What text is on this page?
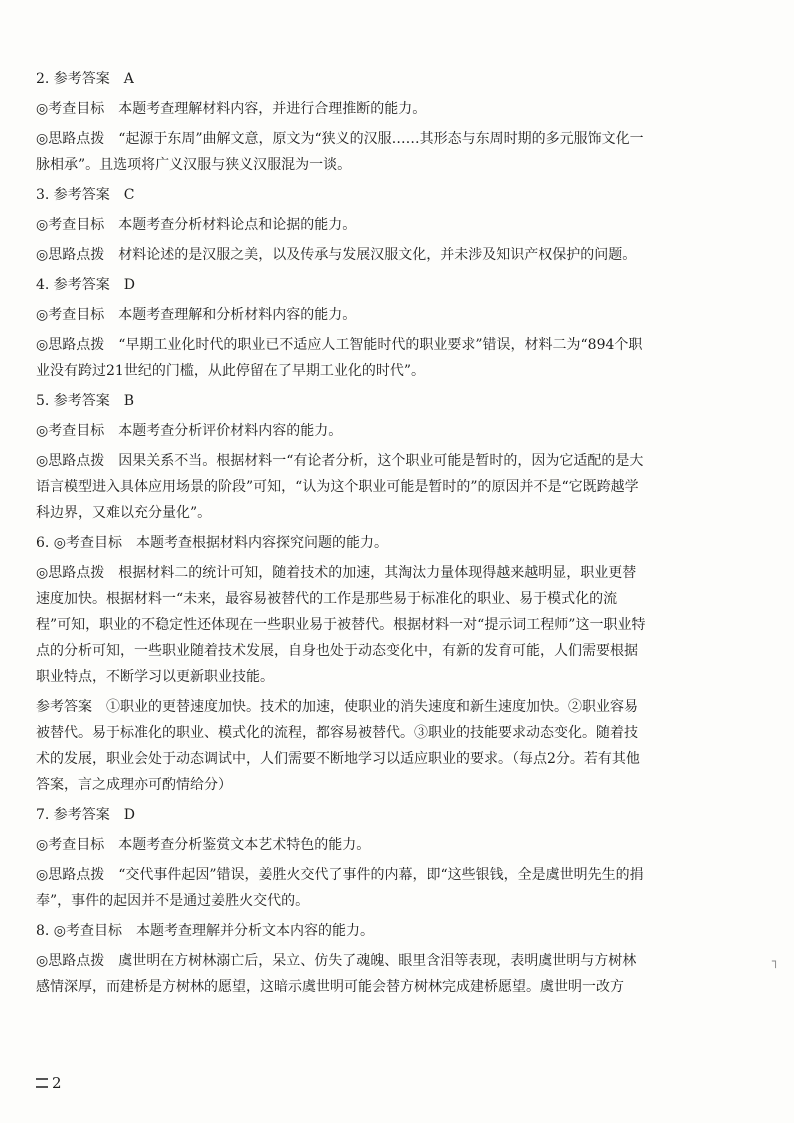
2. 参考答案　A

◎考查目标　本题考查理解材料内容，并进行合理推断的能力。

◎思路点拨　“起源于东周”曲解文意，原文为“狭义的汉服……其形态与东周时期的多元服饰文化一脉相承”。且选项将广义汉服与狭义汉服混为一谈。

3. 参考答案　C

◎考查目标　本题考查分析材料论点和论据的能力。

◎思路点拨　材料论述的是汉服之美，以及传承与发展汉服文化，并未涉及知识产权保护的问题。

4. 参考答案　D

◎考查目标　本题考查理解和分析材料内容的能力。

◎思路点拨　“早期工业化时代的职业已不适应人工智能时代的职业要求”错误，材料二为“894个职业没有跨过21世纪的门槛，从此停留在了早期工业化的时代”。

5. 参考答案　B

◎考查目标　本题考查分析评价材料内容的能力。

◎思路点拨　因果关系不当。根据材料一“有论者分析，这个职业可能是暂时的，因为它适配的是大语言模型进入具体应用场景的阶段”可知，“认为这个职业可能是暂时的”的原因并不是“它既跨越学科边界，又难以充分量化”。

6. ◎考查目标　本题考查根据材料内容探究问题的能力。

◎思路点拨　根据材料二的统计可知，随着技术的加速，其淘汰力量体现得越来越明显，职业更替速度加快。根据材料一“未来，最容易被替代的工作是那些易于标准化的职业、易于模式化的流程”可知，职业的不稳定性还体现在一些职业易于被替代。根据材料一对“提示词工程师”这一职业特点的分析可知，一些职业随着技术发展，自身也处于动态变化中，有新的发育可能，人们需要根据职业特点，不断学习以更新职业技能。

参考答案　①职业的更替速度加快。技术的加速，使职业的消失速度和新生速度加快。②职业容易被替代。易于标准化的职业、模式化的流程，都容易被替代。③职业的技能要求动态变化。随着技术的发展，职业会处于动态调试中，人们需要不断地学习以适应职业的要求。（每点2分。若有其他答案，言之成理亦可酌情给分）

7. 参考答案　D

◎考查目标　本题考查分析鉴赏文本艺术特色的能力。

◎思路点拨　“交代事件起因”错误，姜胜火交代了事件的内幕，即“这些银钱，全是虞世明先生的捐奉”，事件的起因并不是通过姜胜火交代的。

8. ◎考查目标　本题考查理解并分析文本内容的能力。

◎思路点拨　虞世明在方树林溺亡后，呆立、仿失了魂魄、眼里含泪等表现，表明虞世明与方树林感情深厚，而建桥是方树林的愿望，这暗示虞世明可能会替方树林完成建桥愿望。虞世明一改方

┐
2
